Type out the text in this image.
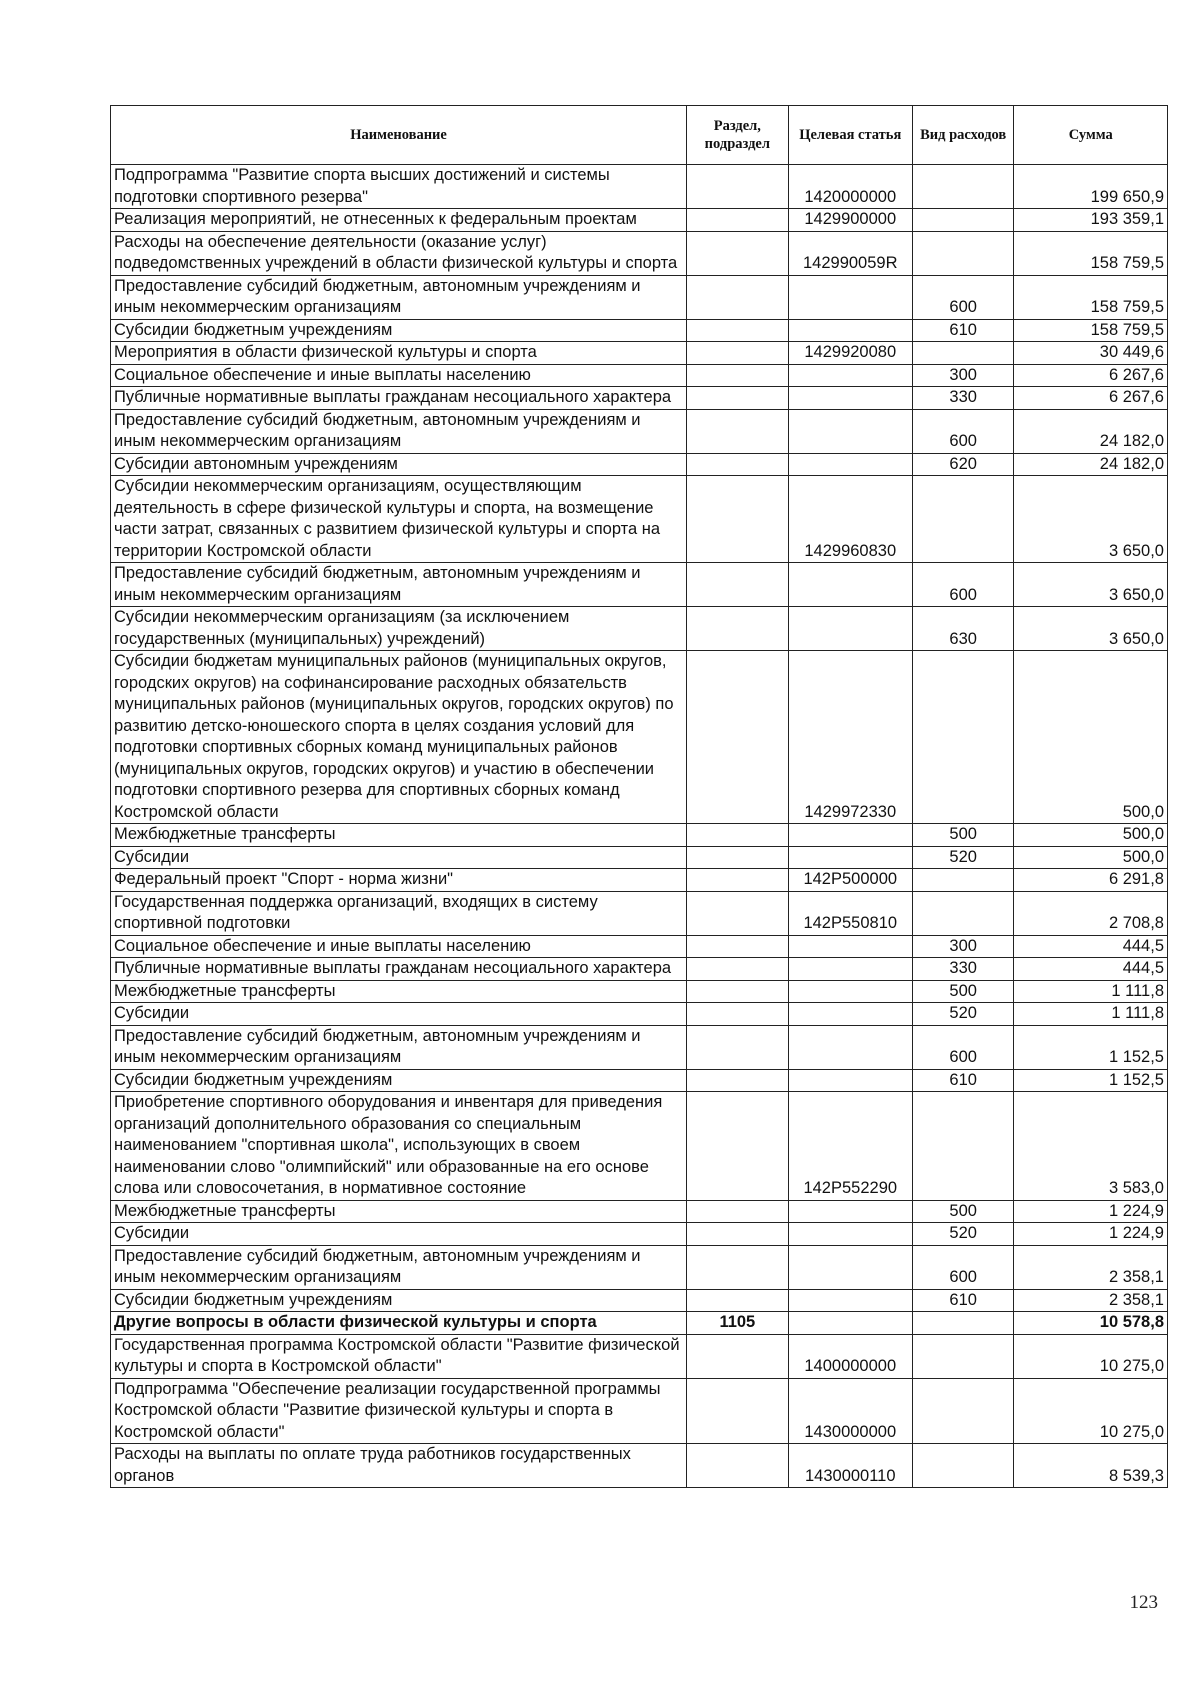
Наименование	Раздел, подраздел	Целевая статья	Вид расходов	Сумма
Подпрограмма "Развитие спорта высших достижений и системы подготовки спортивного резерва"		1420000000		199 650,9
Реализация мероприятий, не отнесенных к федеральным проектам		1429900000		193 359,1
Расходы на обеспечение деятельности (оказание услуг) подведомственных учреждений в области физической культуры и спорта		142990059R		158 759,5
Предоставление субсидий бюджетным, автономным учреждениям и иным некоммерческим организациям			600	158 759,5
Субсидии бюджетным учреждениям			610	158 759,5
Мероприятия в области физической культуры и спорта		1429920080		30 449,6
Социальное обеспечение и иные выплаты населению			300	6 267,6
Публичные нормативные выплаты гражданам несоциального характера			330	6 267,6
Предоставление субсидий бюджетным, автономным учреждениям и иным некоммерческим организациям			600	24 182,0
Субсидии автономным учреждениям			620	24 182,0
Субсидии некоммерческим организациям, осуществляющим деятельность в сфере физической культуры и спорта, на возмещение части затрат, связанных с развитием физической культуры и спорта на территории Костромской области		1429960830		3 650,0
Предоставление субсидий бюджетным, автономным учреждениям и иным некоммерческим организациям			600	3 650,0
Субсидии некоммерческим организациям (за исключением государственных (муниципальных) учреждений)			630	3 650,0
Субсидии бюджетам муниципальных районов (муниципальных округов, городских округов) на софинансирование расходных обязательств муниципальных районов (муниципальных округов, городских округов) по развитию детско-юношеского спорта в целях создания условий для подготовки спортивных сборных команд муниципальных районов (муниципальных округов, городских округов) и участию в обеспечении подготовки спортивного резерва для спортивных сборных команд Костромской области		1429972330		500,0
Межбюджетные трансферты			500	500,0
Субсидии			520	500,0
Федеральный проект "Спорт - норма жизни"		142P500000		6 291,8
Государственная поддержка организаций, входящих в систему спортивной подготовки		142P550810		2 708,8
Социальное обеспечение и иные выплаты населению			300	444,5
Публичные нормативные выплаты гражданам несоциального характера			330	444,5
Межбюджетные трансферты			500	1 111,8
Субсидии			520	1 111,8
Предоставление субсидий бюджетным, автономным учреждениям и иным некоммерческим организациям			600	1 152,5
Субсидии бюджетным учреждениям			610	1 152,5
Приобретение спортивного оборудования и инвентаря для приведения организаций дополнительного образования со специальным наименованием "спортивная школа", использующих в своем наименовании слово "олимпийский" или образованные на его основе слова или словосочетания, в нормативное состояние		142P552290		3 583,0
Межбюджетные трансферты			500	1 224,9
Субсидии			520	1 224,9
Предоставление субсидий бюджетным, автономным учреждениям и иным некоммерческим организациям			600	2 358,1
Субсидии бюджетным учреждениям			610	2 358,1
Другие вопросы в области физической культуры и спорта	1105			10 578,8
Государственная программа Костромской области "Развитие физической культуры и спорта в Костромской области"		1400000000		10 275,0
Подпрограмма "Обеспечение реализации государственной программы Костромской области "Развитие физической культуры и спорта в Костромской области"		1430000000		10 275,0
Расходы на выплаты по оплате труда работников государственных органов		1430000110		8 539,3
123
